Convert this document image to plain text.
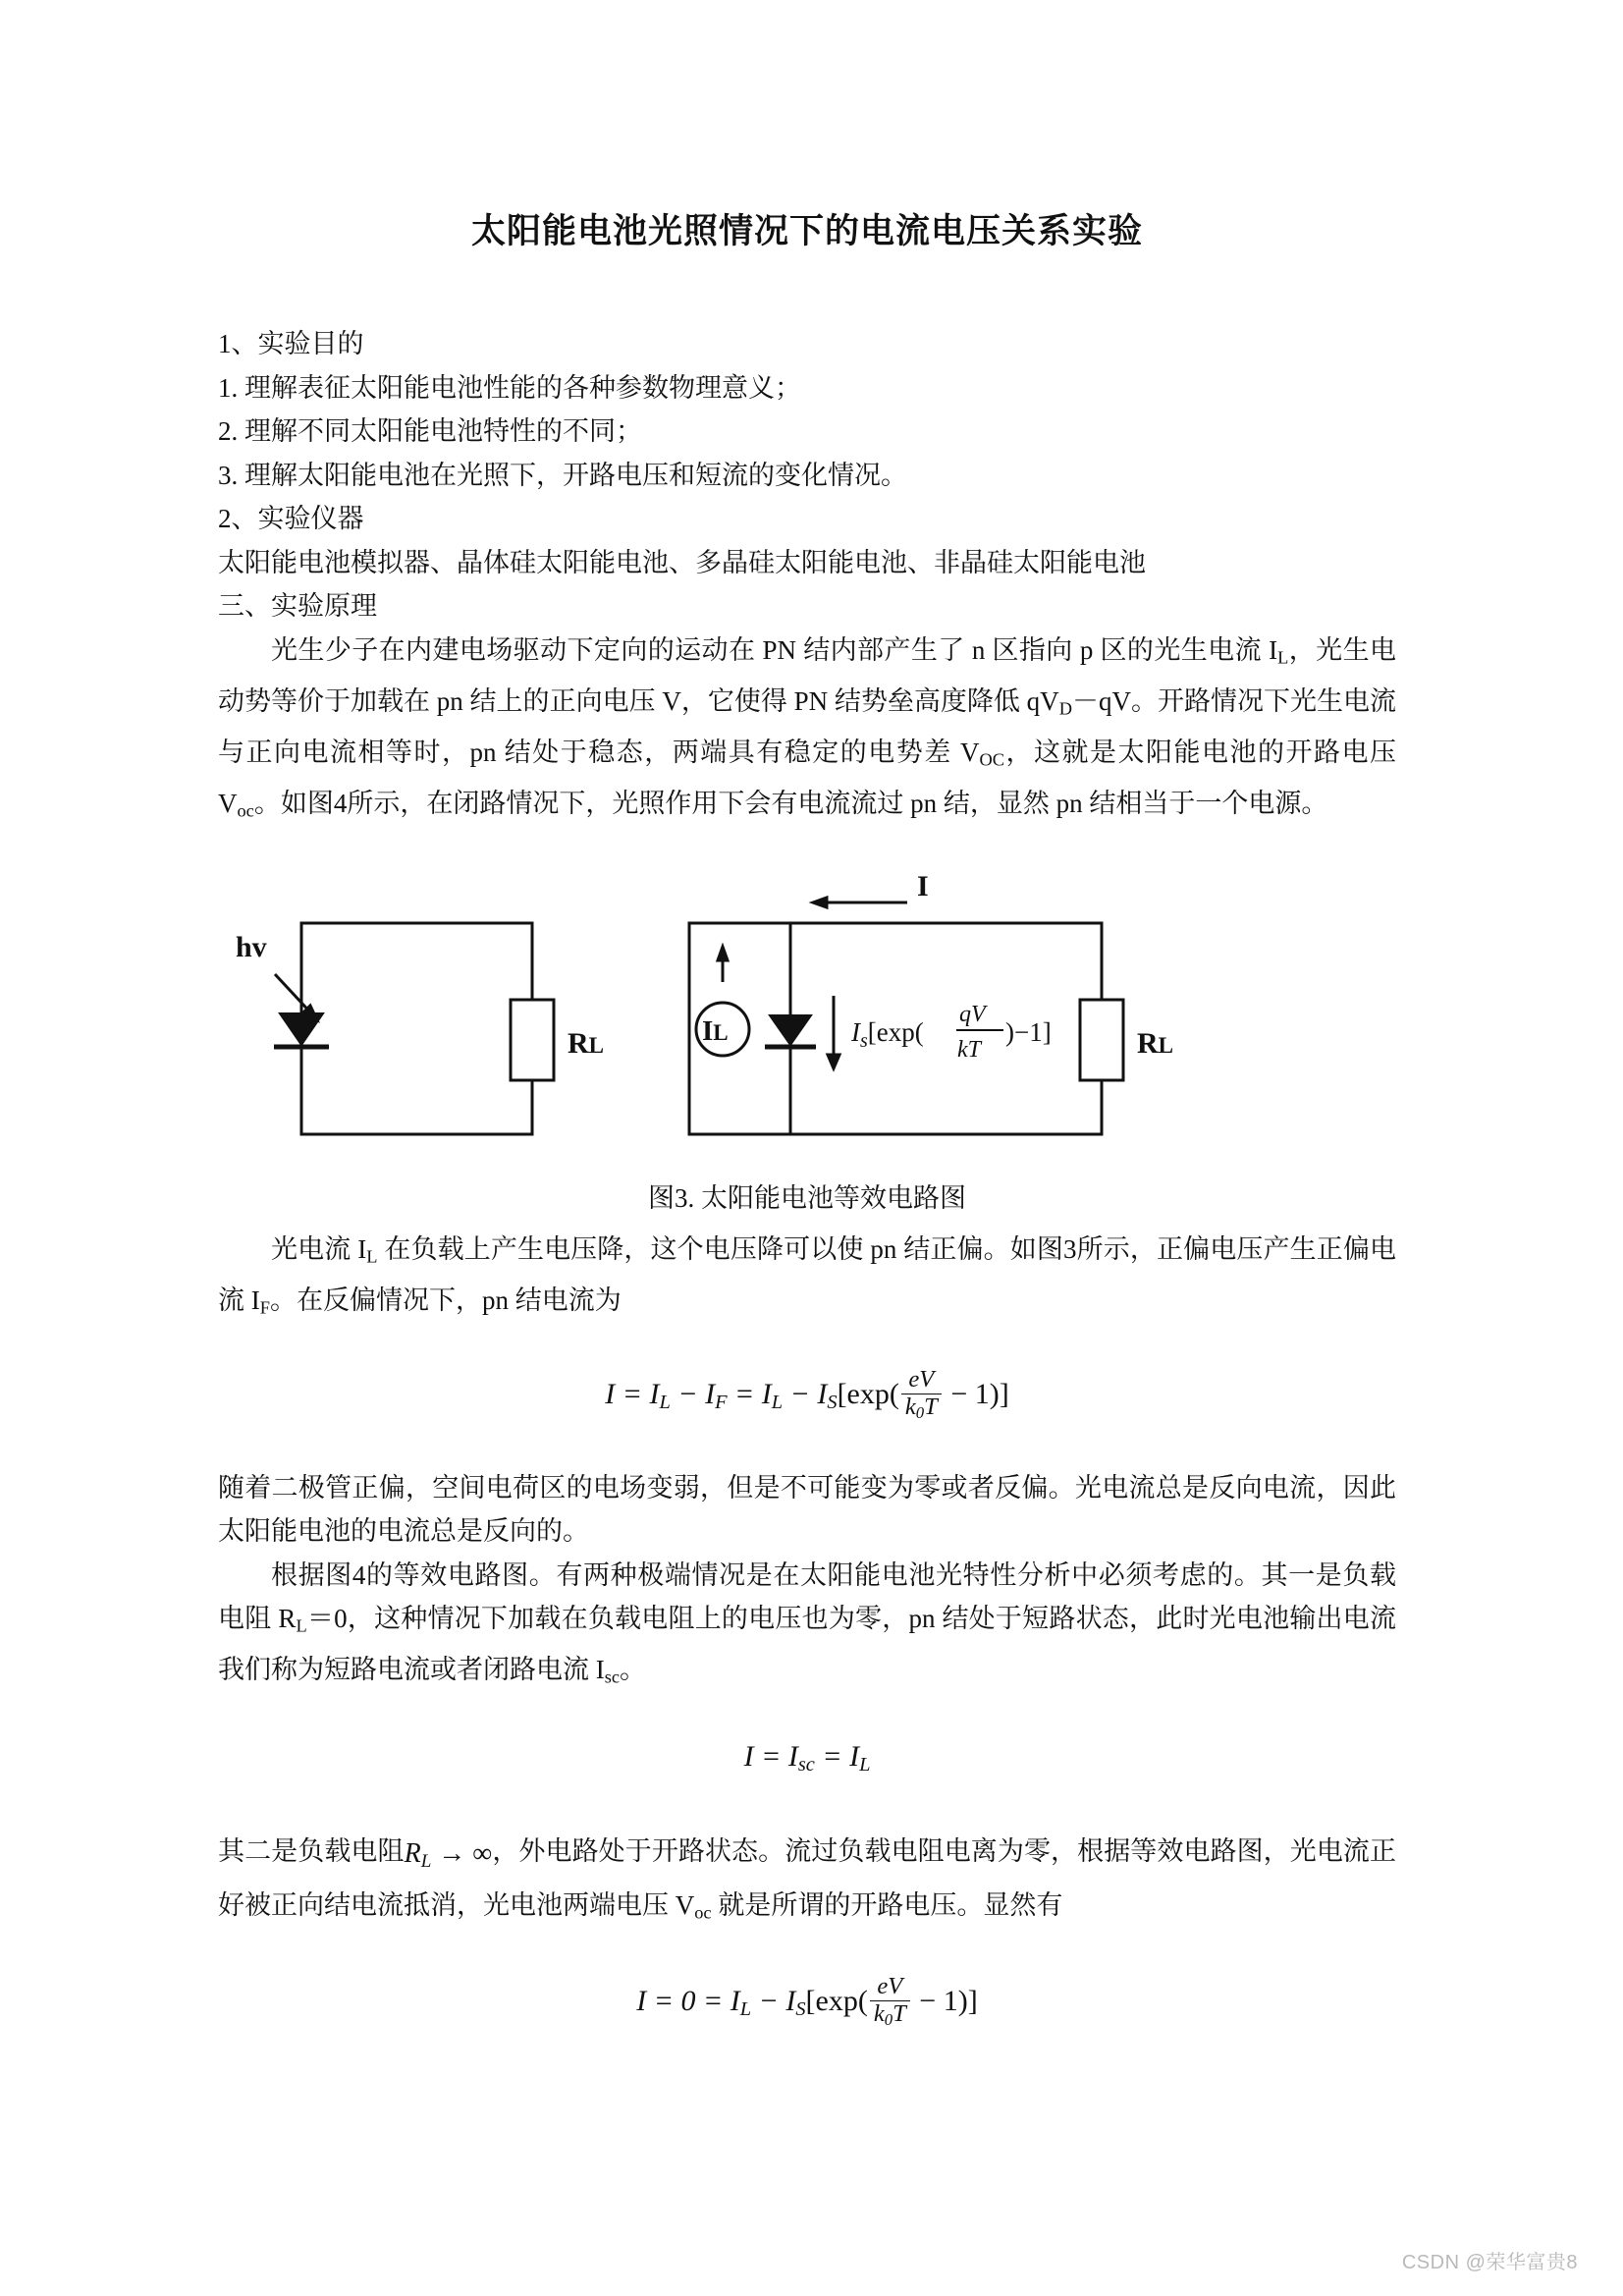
太阳能电池光照情况下的电流电压关系实验
1、实验目的
1. 理解表征太阳能电池性能的各种参数物理意义；
2. 理解不同太阳能电池特性的不同；
3. 理解太阳能电池在光照下，开路电压和短流的变化情况。
2、实验仪器
太阳能电池模拟器、晶体硅太阳能电池、多晶硅太阳能电池、非晶硅太阳能电池
三、实验原理

光生少子在内建电场驱动下定向的运动在 PN 结内部产生了 n 区指向 p 区的光生电流 $I_L$，光生电动势等价于加载在 pn 结上的正向电压 V，它使得 PN 结势垒高度降低 $qV_D-qV$。开路情况下光生电流与正向电流相等时，pn 结处于稳态，两端具有稳定的电势差 $V_{OC}$，这就是太阳能电池的开路电压 $V_{oc}$。如图4所示，在闭路情况下，光照作用下会有电流流过 pn 结，显然 pn 结相当于一个电源。

hv
RL	IL
I
RL
$I_s[\exp$(
qV
kT
)−1]
图3. 太阳能电池等效电路图

光电流 $I_L$ 在负载上产生电压降，这个电压降可以使 pn 结正偏。如图3所示，正偏电压产生正偏电流 $I_F$。在反偏情况下，pn 结电流为

$I = I_L - I_F = I_L - I_S[\exp( \frac{eV}{k_0T} - 1)]$

随着二极管正偏，空间电荷区的电场变弱，但是不可能变为零或者反偏。光电流总是反向电流，因此太阳能电池的电流总是反向的。

根据图4的等效电路图。有两种极端情况是在太阳能电池光特性分析中必须考虑的。其一是负载电阻 $R_L=0$，这种情况下加载在负载电阻上的电压也为零，pn 结处于短路状态，此时光电池输出电流我们称为短路电流或者闭路电流 $I_{sc}$。

$I = I_{sc} = I_L$

其二是负载电阻$R_L$ → ∞，外电路处于开路状态。流过负载电阻电离为零，根据等效电路图，光电流正好被正向结电流抵消，光电池两端电压 $V_{oc}$ 就是所谓的开路电压。显然有

$I = 0 = I_L - I_S[\exp( \frac{eV}{k_0T} - 1)]$
CSDN @荣华富贵8
